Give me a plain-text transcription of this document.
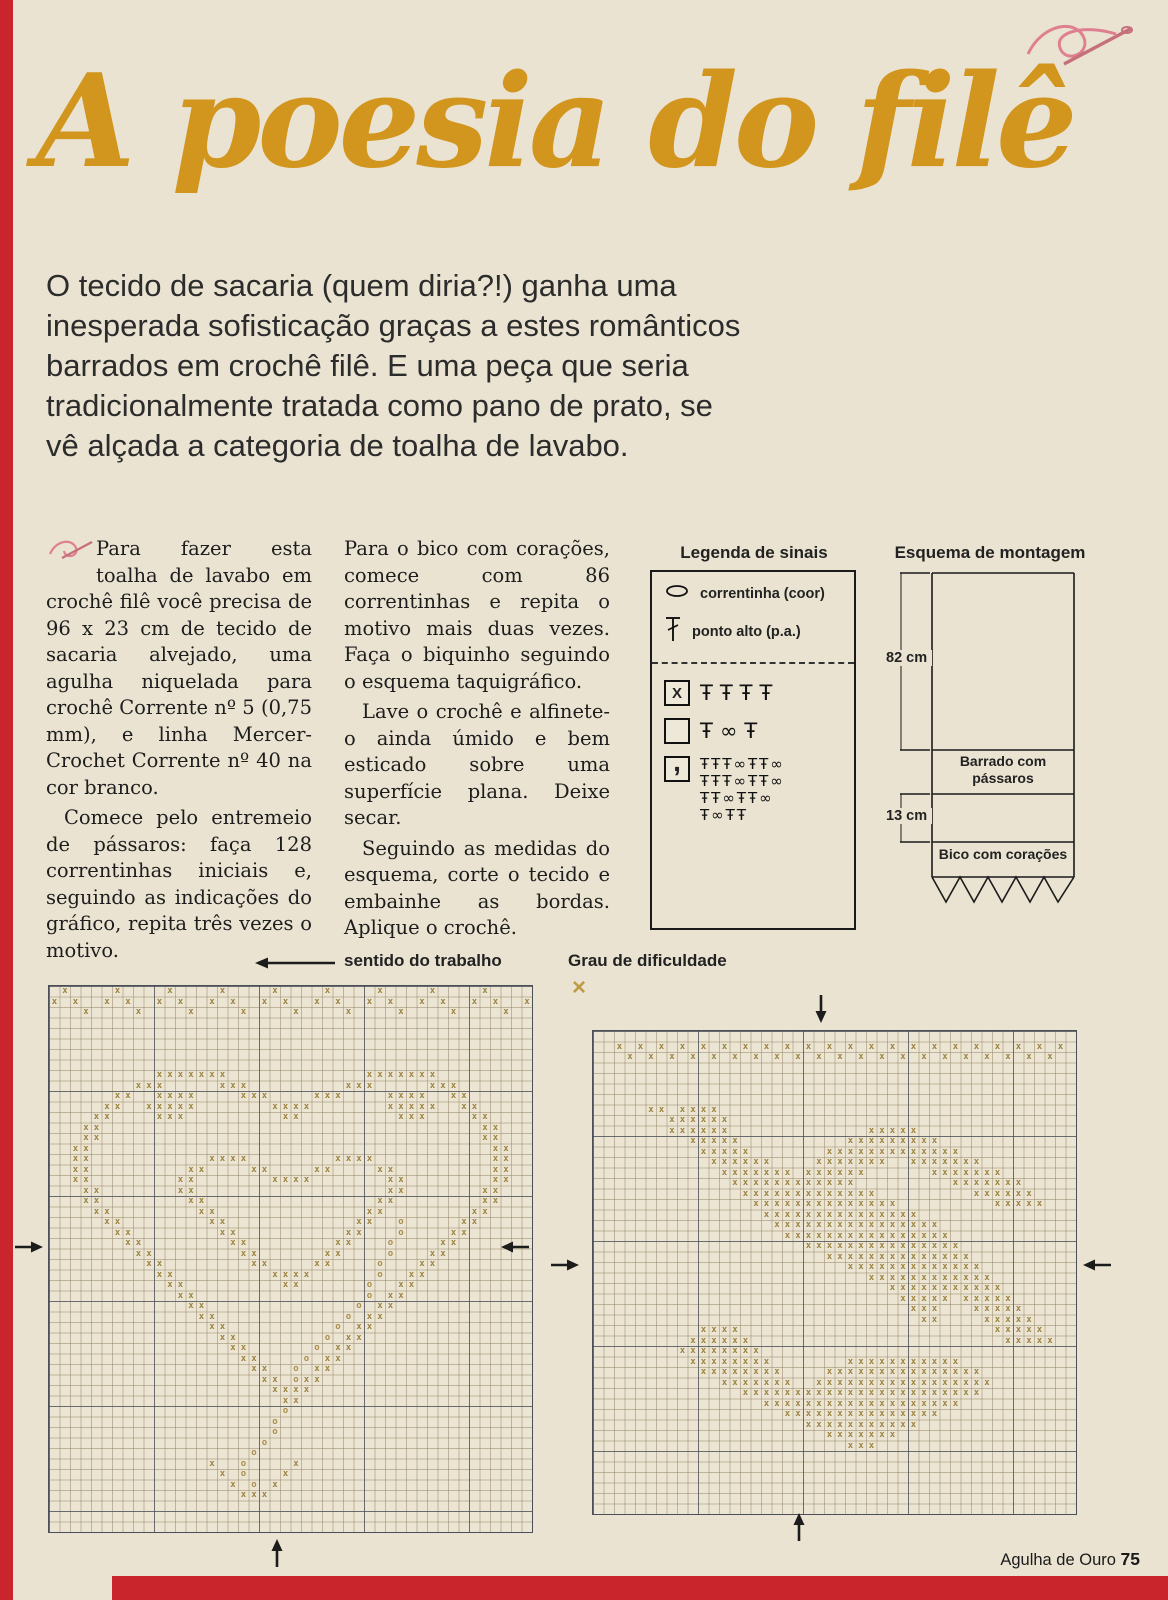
A poesia do filê

O tecido de sacaria (quem diria?!) ganha uma inesperada sofisticação graças a estes românticos barrados em crochê filê. E uma peça que seria tradicionalmente tratada como pano de prato, se vê alçada a categoria de toalha de lavabo.

Para fazer esta toalha de lavabo em crochê filê você precisa de 96 x 23 cm de tecido de sacaria alvejado, uma agulha niquelada para crochê Corrente nº 5 (0,75 mm), e linha Mercer-Crochet Corrente nº 40 na cor branco.

Comece pelo entremeio de pássaros: faça 128 correntinhas iniciais e, seguindo as indicações do gráfico, repita três vezes o motivo.

Para o bico com corações, comece com 86 correntinhas e repita o motivo mais duas vezes. Faça o biquinho seguindo o esquema taquigráfico.

Lave o crochê e alfinete-o ainda úmido e bem esticado sobre uma superfície plana. Deixe secar.

Seguindo as medidas do esquema, corte o tecido e embainhe as bordas. Aplique o crochê.

Legenda de sinais
correntinha (coor)
ponto alto (p.a.)
X ŦŦŦŦ
Ŧ∞Ŧ
, ŦŦŦ∞ŦŦ∞
ŦŦŦ∞ŦŦ∞
ŦŦ∞ŦŦ∞
Ŧ∞ŦŦ
Esquema de montagem
82 cm
13 cm
Barrado com pássaros
Bico com corações
sentido do trabalho	Grau de dificuldade
×
x	x	x	x	x	x	x	x	x
x	x	x	x	x	x	x	x	x	x	x	x	x	x	x	x	x	x	x
x	x	x	x	x	x	x	x	x
x x x x x x x	x x x x x x x
x x x	x x x	x x x	x x x
x x	x x x x	x x x	x x x	x x x x	x x
x x	x x x x x	x x x x	x x x x x	x x
x x	x x x	x x	x x x	x x
x x	x x
x x	x x
x x	x x
x x	x x x x	x x x x	x x
x x	x x	x x	x x	x x	x x
x x	x x	x x x x	x x	x x
x x	x x	x x	x x
x x	x x	x x	x x
x x	x x	x x	x x
x x	x x	x x	o	x x
x x	x x	x x	o	x x
x x	x x	x x	o	x x
x x	x x	x x	o	x x
x x	x x	x x	o	x x
x x	x x x x	o	x x
x x	x x	o	x x
x x	o	x x
x x	o	x x
x x	o	x x
x x	o	x x
x x	o	x x
x x	o	x x
x x	o	x x
x x	o	x x
x x	o x x
x x x x
x x
o
o
o
o
o
x	o	x
x	o	x
x	o	x
x x x
x	x	x	x	x	x	x	x	x	x	x	x	x	x	x	x	x	x	x	x	x	x
x	x	x	x	x	x	x	x	x	x	x	x	x	x	x	x	x	x	x	x	x
x x	x x x x
x x x x x x
x x x x x x	x x x x x
x x x x x	x x x x x x x x x
x x x x x	x x x x x x x x x x x x x
x x x x x x	x x x x x x x	x x x x x x x
x x x x x x x	x x x x x x	x x x x x x x
x x x x x x x x x x x x	x x x x x x x
x x x x x x x x x x x x x	x x x x x x
x x x x x x x x x x x x x x	x x x x x
x x x x x x x x x x x x x x x
x x x x x x x x x x x x x x x x
x x x x x x x x x x x x x x x x
x x x x x x x x x x x x x x x
x x x x x x x x x x x x x x
x x x x x x x x x x x x x
x x x x x x x x x x x x
x x x x x x x x x x x
x x x x x	x x x x x
x x x	x x x x x
x x	x x x x x
x x x x	x x x x x
x x x x x x	x x x x x
x x x x x x x x
x x x x x x x x	x x x x x x x x x x x
x x x x x x x x	x x x x x x x x x x x x x x x
x x x x x x x	x x x x x x x x x x x x x x x x x
x x x x x x x x x x x x x x x x x x x x x x x
x x x x x x x x x x x x x x x x x x x
x x x x x x x x x x x x x x x
x x x x x x x x x x x
x x x x x x x
x x x
Agulha de Ouro 75
